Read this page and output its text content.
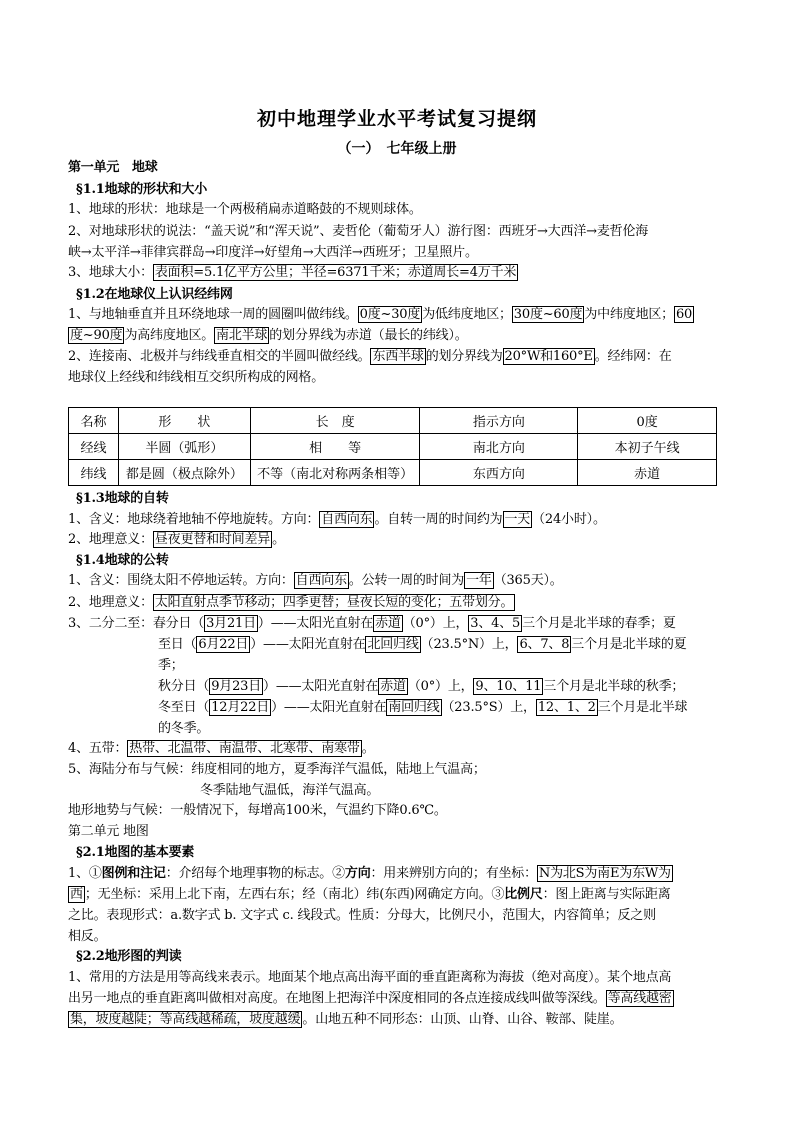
初中地理学业水平考试复习提纲
（一）　七年级上册
第一单元　地球
§1.1地球的形状和大小
1、地球的形状：地球是一个两极稍扁赤道略鼓的不规则球体。
2、对地球形状的说法：“盖天说”和“浑天说”、麦哲伦（葡萄牙人）游行图：西班牙→大西洋→麦哲伦海
峡→太平洋→菲律宾群岛→印度洋→好望角→大西洋→西班牙；卫星照片。
3、地球大小： 表面积=5.1亿平方公里；半径=6371千米；赤道周长=4万千米
§1.2在地球仪上认识经纬网
1、与地轴垂直并且环绕地球一周的圆圈叫做纬线。 0度~30度 为低纬度地区； 30度~60度 为中纬度地区； 60
度~90度 为高纬度地区。 南北半球 的划分界线为赤道（最长的纬线）。
2、连接南、北极并与纬线垂直相交的半圆叫做经线。 东西半球 的划分界线为 20°W和160°E 。经纬网：在
地球仪上经线和纬线相互交织所构成的网格。
名称	形　　状	长　度	指示方向	0度
经线	半圆（弧形）	相　　等	南北方向	本初子午线
纬线	都是圆（极点除外）	不等（南北对称两条相等）	东西方向	赤道
§1.3地球的自转
1、含义：地球绕着地轴不停地旋转。方向： 自西向东 。自转一周的时间约为 一天 （24小时）。
2、地理意义： 昼夜更替和时间差异 。
§1.4地球的公转
1、含义：围绕太阳不停地运转。方向： 自西向东 。公转一周的时间为 一年 （365天）。
2、地理意义： 太阳直射点季节移动；四季更替；昼夜长短的变化；五带划分。
3、二分二至：春分日（ 3月21日 ）——太阳光直射在 赤道 （0°）上， 3、4、5 三个月是北半球的春季；夏
至日（ 6月22日 ）——太阳光直射在 北回归线 （23.5°N）上， 6、7、8 三个月是北半球的夏
季；
秋分日（ 9月23日 ）——太阳光直射在 赤道 （0°）上， 9、10、11 三个月是北半球的秋季；
冬至日（ 12月22日 ）——太阳光直射在 南回归线 （23.5°S）上， 12、1、2 三个月是北半球
的冬季。
4、五带： 热带、北温带、南温带、北寒带、南寒带 。
5、海陆分布与气候：纬度相同的地方，夏季海洋气温低，陆地上气温高；
冬季陆地气温低，海洋气温高。
地形地势与气候：一般情况下，每增高100米，气温约下降0.6℃。
第二单元 地图
§2.1地图的基本要素
1、①图例和注记：介绍每个地理事物的标志。②方向：用来辨别方向的；有坐标： N为北S为南E为东W为
西 ；无坐标：采用上北下南，左西右东；经（南北）纬(东西)网确定方向。③比例尺：图上距离与实际距离
之比。表现形式：a.数字式 b. 文字式 c. 线段式。性质：分母大，比例尺小，范围大，内容简单；反之则
相反。
§2.2地形图的判读
1、常用的方法是用等高线来表示。地面某个地点高出海平面的垂直距离称为海拔（绝对高度）。某个地点高
出另一地点的垂直距离叫做相对高度。在地图上把海洋中深度相同的各点连接成线叫做等深线。 等高线越密
集，坡度越陡；等高线越稀疏，坡度越缓 。山地五种不同形态：山顶、山脊、山谷、鞍部、陡崖。
